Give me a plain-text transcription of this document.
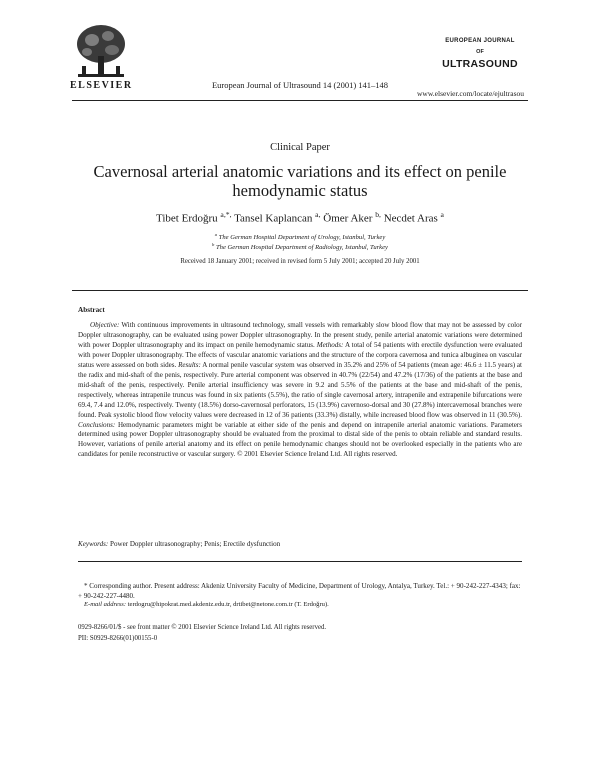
ELSEVIER	European Journal of Ultrasound 14 (2001) 141–148
EUROPEAN JOURNAL
OF
ULTRASOUND
www.elsevier.com/locate/ejultrasou
Clinical Paper
Cavernosal arterial anatomic variations and its effect on penile hemodynamic status
Tibet Erdoğru $^{a,*,}$ Tansel Kaplancan $^{a,}$ Ömer Aker $^{b,}$ Necdet Aras $^a$
$^a$ The German Hospital Department of Urology, Istanbul, Turkey
$^b$ The German Hospital Department of Radiology, Istanbul, Turkey
Received 18 January 2001; received in revised form 5 July 2001; accepted 20 July 2001
Abstract

Objective: With continuous improvements in ultrasound technology, small vessels with remarkably slow blood flow that may not be assessed by color Doppler ultrasonography, can be evaluated using power Doppler ultrasonography. In the present study, penile arterial anatomic variations were determined with power Doppler ultrasonography and its impact on penile hemodynamic status. Methods: A total of 54 patients with erectile dysfunction were evaluated with power Doppler ultrasonography. The effects of vascular anatomic variations and the structure of the corpora cavernosa and tunica albuginea on vascular status were assessed on both sides. Results: A normal penile vascular system was observed in 35.2% and 25% of 54 patients (mean age: 46.6 ± 11.5 years) at the radix and mid-shaft of the penis, respectively. Pure arterial component was observed in 40.7% (22/54) and 47.2% (17/36) of the patients at the base and mid-shaft of the penis, respectively. Penile arterial insufficiency was severe in 9.2 and 5.5% of the patients at the base and mid-shaft of the penis, respectively, whereas intrapenile truncus was found in six patients (5.5%), the ratio of single cavernosal artery, intrapenile and extrapenile bifurcations were 69.4, 7.4 and 12.0%, respectively. Twenty (18.5%) dorso-cavernosal perforators, 15 (13.9%) cavernoso-dorsal and 30 (27.8%) intercavernosal branches were found. Peak systolic blood flow velocity values were decreased in 12 of 36 patients (33.3%) distally, while increased blood flow was observed in 11 (30.5%). Conclusions: Hemodynamic parameters might be variable at either side of the penis and depend on intrapenile arterial anatomic variations. Parameters determined using power Doppler ultrasonography should be evaluated from the proximal to distal side of the penis to obtain reliable and standard results. However, variations of penile arterial anatomy and its effect on penile hemodynamic changes should not be overlooked especially in the patients who are candidates for penile reconstructive or vascular surgery. © 2001 Elsevier Science Ireland Ltd. All rights reserved.

Keywords: Power Doppler ultrasonography; Penis; Erectile dysfunction

* Corresponding author. Present address: Akdeniz University Faculty of Medicine, Department of Urology, Antalya, Turkey. Tel.: + 90-242-227-4343; fax: + 90-242-227-4480.

E-mail address: terdogru@hipokrat.med.akdeniz.edu.tr, drtibet@netone.com.tr (T. Erdoğru).
0929-8266/01/$ - see front matter © 2001 Elsevier Science Ireland Ltd. All rights reserved.
PII: S0929-8266(01)00155-0
